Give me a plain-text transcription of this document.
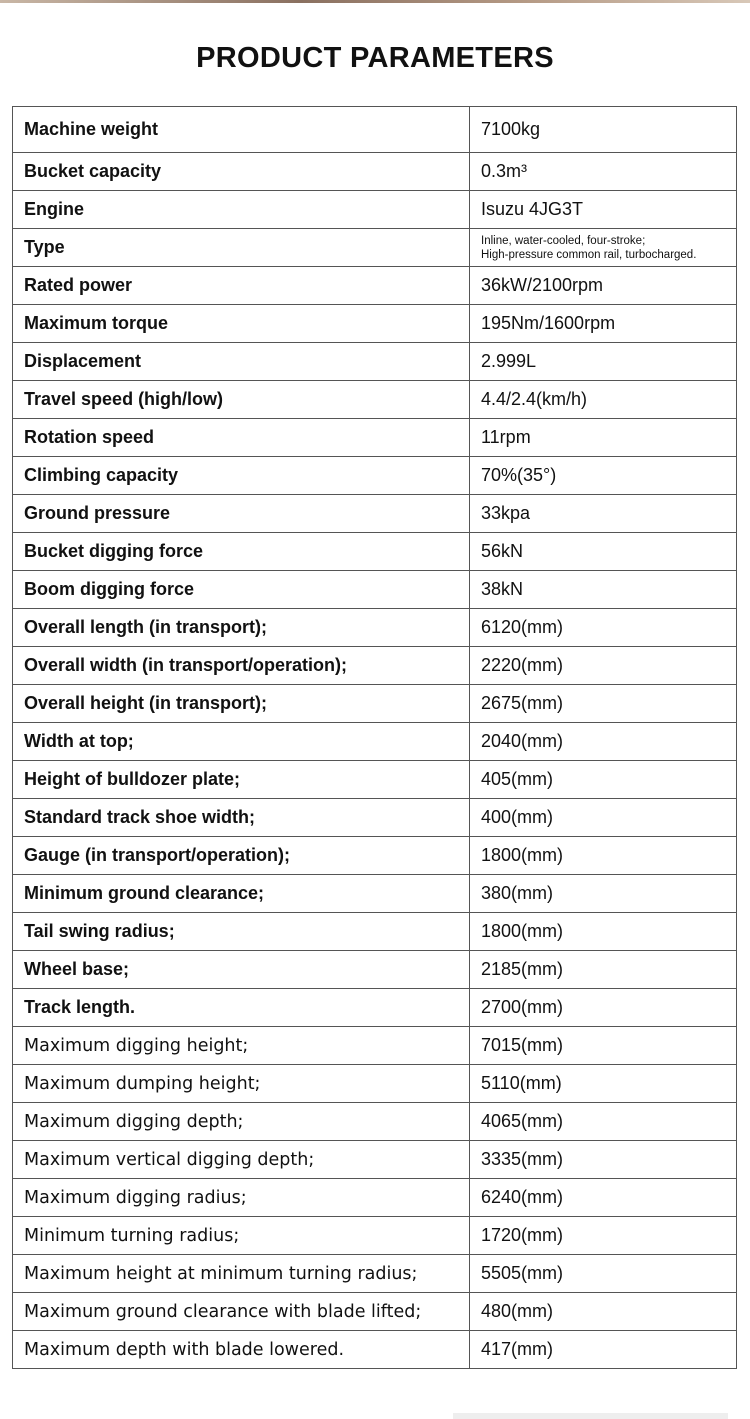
PRODUCT PARAMETERS
Machine weight	7100kg
Bucket capacity	0.3m³
Engine	Isuzu 4JG3T
Type	Inline, water-cooled, four-stroke;
High-pressure common rail, turbocharged.

Rated power	36kW/2100rpm
Maximum torque	195Nm/1600rpm
Displacement	2.999L
Travel speed (high/low)	4.4/2.4(km/h)
Rotation speed	11rpm
Climbing capacity	70%(35°)
Ground pressure	33kpa
Bucket digging force	56kN
Boom digging force	38kN
Overall length (in transport);	6120(mm)
Overall width (in transport/operation);	2220(mm)
Overall height (in transport);	2675(mm)
Width at top;	2040(mm)
Height of bulldozer plate;	405(mm)
Standard track shoe width;	400(mm)
Gauge (in transport/operation);	1800(mm)
Minimum ground clearance;	380(mm)
Tail swing radius;	1800(mm)
Wheel base;	2185(mm)
Track length.	2700(mm)
Maximum digging height;	7015(mm)
Maximum dumping height;	5110(mm)
Maximum digging depth;	4065(mm)
Maximum vertical digging depth;	3335(mm)
Maximum digging radius;	6240(mm)
Minimum turning radius;	1720(mm)
Maximum height at minimum turning radius;	5505(mm)
Maximum ground clearance with blade lifted;	480(mm)
Maximum depth with blade lowered.	417(mm)
